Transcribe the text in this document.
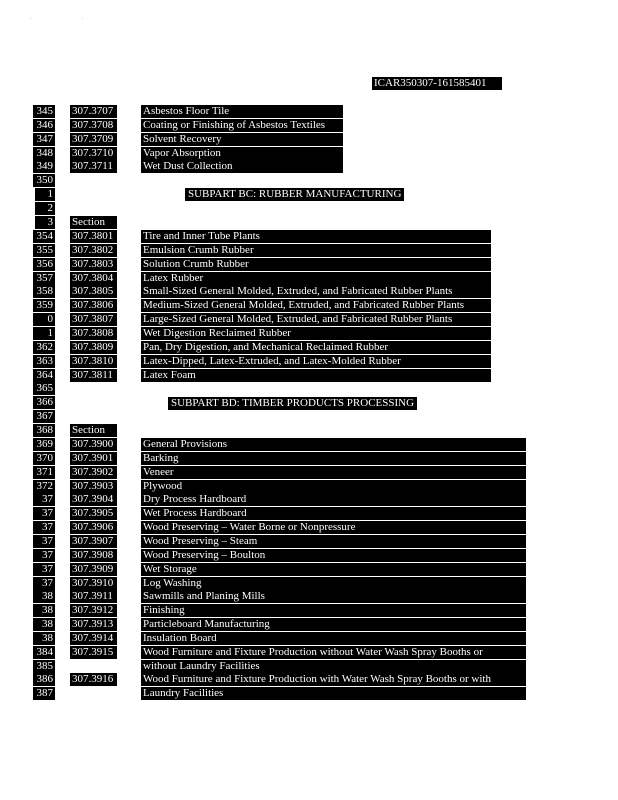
· ·
ICAR350307-161585401
345 307.3707	Asbestos Floor Tile
346 307.3708	Coating or Finishing of Asbestos Textiles
347 307.3709	Solvent Recovery
348 307.3710	Vapor Absorption
349 307.3711	Wet Dust Collection
350
1
2
SUBPART BC: RUBBER MANUFACTURING
3 Section
354 307.3801	Tire and Inner Tube Plants
355 307.3802	Emulsion Crumb Rubber
356 307.3803	Solution Crumb Rubber
357 307.3804	Latex Rubber
358 307.3805	Small-Sized General Molded, Extruded, and Fabricated Rubber Plants
359 307.3806	Medium-Sized General Molded, Extruded, and Fabricated Rubber Plants
0 307.3807	Large-Sized General Molded, Extruded, and Fabricated Rubber Plants
1 307.3808	Wet Digestion Reclaimed Rubber
362 307.3809	Pan, Dry Digestion, and Mechanical Reclaimed Rubber
363 307.3810	Latex-Dipped, Latex-Extruded, and Latex-Molded Rubber
364 307.3811	Latex Foam
365
366
367
SUBPART BD: TIMBER PRODUCTS PROCESSING
368 Section
369 307.3900	General Provisions
370 307.3901	Barking
371 307.3902	Veneer
372 307.3903	Plywood
37 307.3904	Dry Process Hardboard
37 307.3905	Wet Process Hardboard
37 307.3906	Wood Preserving – Water Borne or Nonpressure
37 307.3907	Wood Preserving – Steam
37 307.3908	Wood Preserving – Boulton
37 307.3909	Wet Storage
37 307.3910	Log Washing
38 307.3911	Sawmills and Planing Mills
38 307.3912	Finishing
38 307.3913	Particleboard Manufacturing
38 307.3914	Insulation Board
384 307.3915	Wood Furniture and Fixture Production without Water Wash Spray Booths or
385	without Laundry Facilities
386 307.3916	Wood Furniture and Fixture Production with Water Wash Spray Booths or with
387	Laundry Facilities
